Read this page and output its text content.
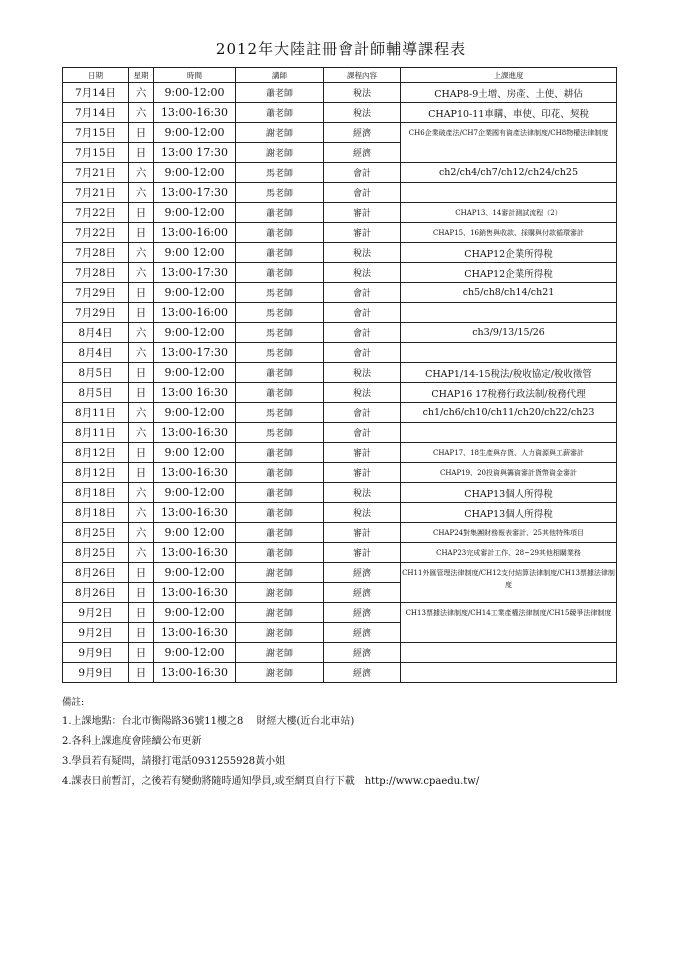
2012年大陸註冊會計師輔導課程表
日期	星期	時間	講師	課程內容	上課進度
7月14日	六	9:00-12:00	蕭老師	稅法	CHAP8-9土增、房產、土使、耕佔
7月14日	六	13:00-16:30	蕭老師	稅法	CHAP10-11車購、車使、印花、契稅
7月15日	日	9:00-12:00	謝老師	經濟	CH6企業破產法/CH7企業國有資產法律制度/CH8物權法律制度
7月15日	日	13:00 17:30	謝老師	經濟	
7月21日	六	9:00-12:00	馬老師	會計	ch2/ch4/ch7/ch12/ch24/ch25
7月21日	六	13:00-17:30	馬老師	會計	
7月22日	日	9:00-12:00	蕭老師	審計	CHAP13、14審計測試流程（2）
7月22日	日	13:00-16:00	蕭老師	審計	CHAP15、16銷售與收款、採購與付款循環審計
7月28日	六	9:00 12:00	蕭老師	稅法	CHAP12企業所得稅
7月28日	六	13:00-17:30	蕭老師	稅法	CHAP12企業所得稅
7月29日	日	9:00-12:00	馬老師	會計	ch5/ch8/ch14/ch21
7月29日	日	13:00-16:00	馬老師	會計	
8月4日	六	9:00-12:00	馬老師	會計	ch3/9/13/15/26
8月4日	六	13:00-17:30	馬老師	會計	
8月5日	日	9:00-12:00	蕭老師	稅法	CHAP1/14-15稅法/稅收協定/稅收徵管
8月5日	日	13:00 16:30	蕭老師	稅法	CHAP16 17稅務行政法制/稅務代理
8月11日	六	9:00-12:00	馬老師	會計	ch1/ch6/ch10/ch11/ch20/ch22/ch23
8月11日	六	13:00-16:30	馬老師	會計	
8月12日	日	9:00 12:00	蕭老師	審計	CHAP17、18生產與存貨、人力資源與工薪審計
8月12日	日	13:00-16:30	蕭老師	審計	CHAP19、20投資與籌資審計貨幣資金審計
8月18日	六	9:00-12:00	蕭老師	稅法	CHAP13個人所得稅
8月18日	六	13:00-16:30	蕭老師	稅法	CHAP13個人所得稅
8月25日	六	9:00 12:00	蕭老師	審計	CHAP24對集團財務報表審計、25其他特殊項目
8月25日	六	13:00-16:30	蕭老師	審計	CHAP23完成審計工作、28~29其他相關業務
8月26日	日	9:00-12:00	謝老師	經濟	CH11外匯管理法律制度/CH12支付結算法律制度/CH13票據法律制度
8月26日	日	13:00-16:30	謝老師	經濟	
9月2日	日	9:00-12:00	謝老師	經濟	CH13票據法律制度/CH14工業產權法律制度/CH15競爭法律制度
9月2日	日	13:00-16:30	謝老師	經濟	
9月9日	日	9:00-12:00	謝老師	經濟	
9月9日	日	13:00-16:30	謝老師	經濟	
備註:
1.上課地點：台北市衡陽路36號11樓之8　 財經大樓(近台北車站)
2.各科上課進度會陸續公布更新
3.學員若有疑問，請撥打電話0931255928黃小姐
4.課表日前暫訂，之後若有變動將隨時通知學員,或至網頁自行下載　http://www.cpaedu.tw/
